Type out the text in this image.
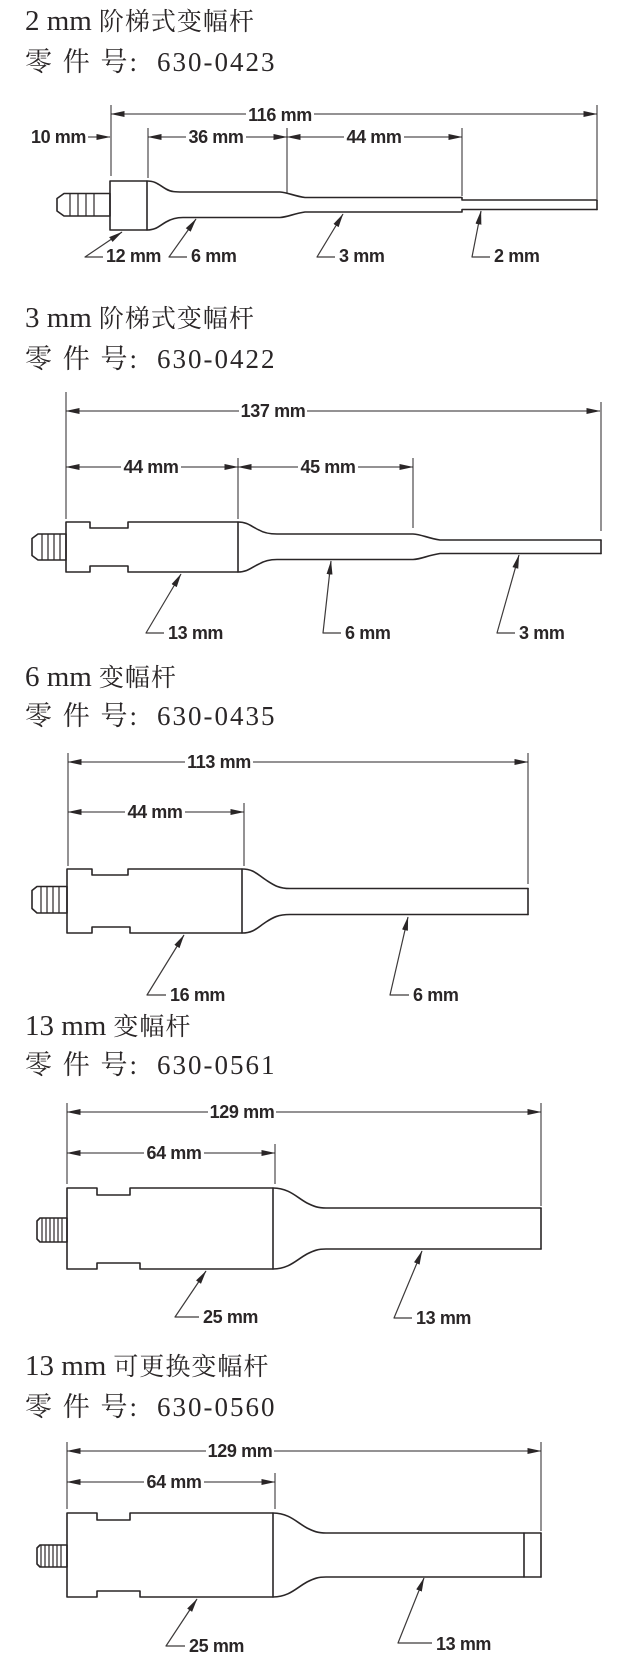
2 mm 阶梯式变幅杆
零 件 号: 630-0423
116 mm
10 mm	36 mm	44 mm
12 mm 6 mm	3 mm	2 mm
3 mm 阶梯式变幅杆
零 件 号: 630-0422
137 mm
44 mm	45 mm
13 mm	6 mm	3 mm
6 mm 变幅杆
零 件 号: 630-0435
113 mm
44 mm
16 mm	6 mm
13 mm 变幅杆
零 件 号: 630-0561
129 mm
64 mm
25 mm	13 mm
13 mm 可更换变幅杆
零 件 号: 630-0560
129 mm
64 mm
25 mm	13 mm
